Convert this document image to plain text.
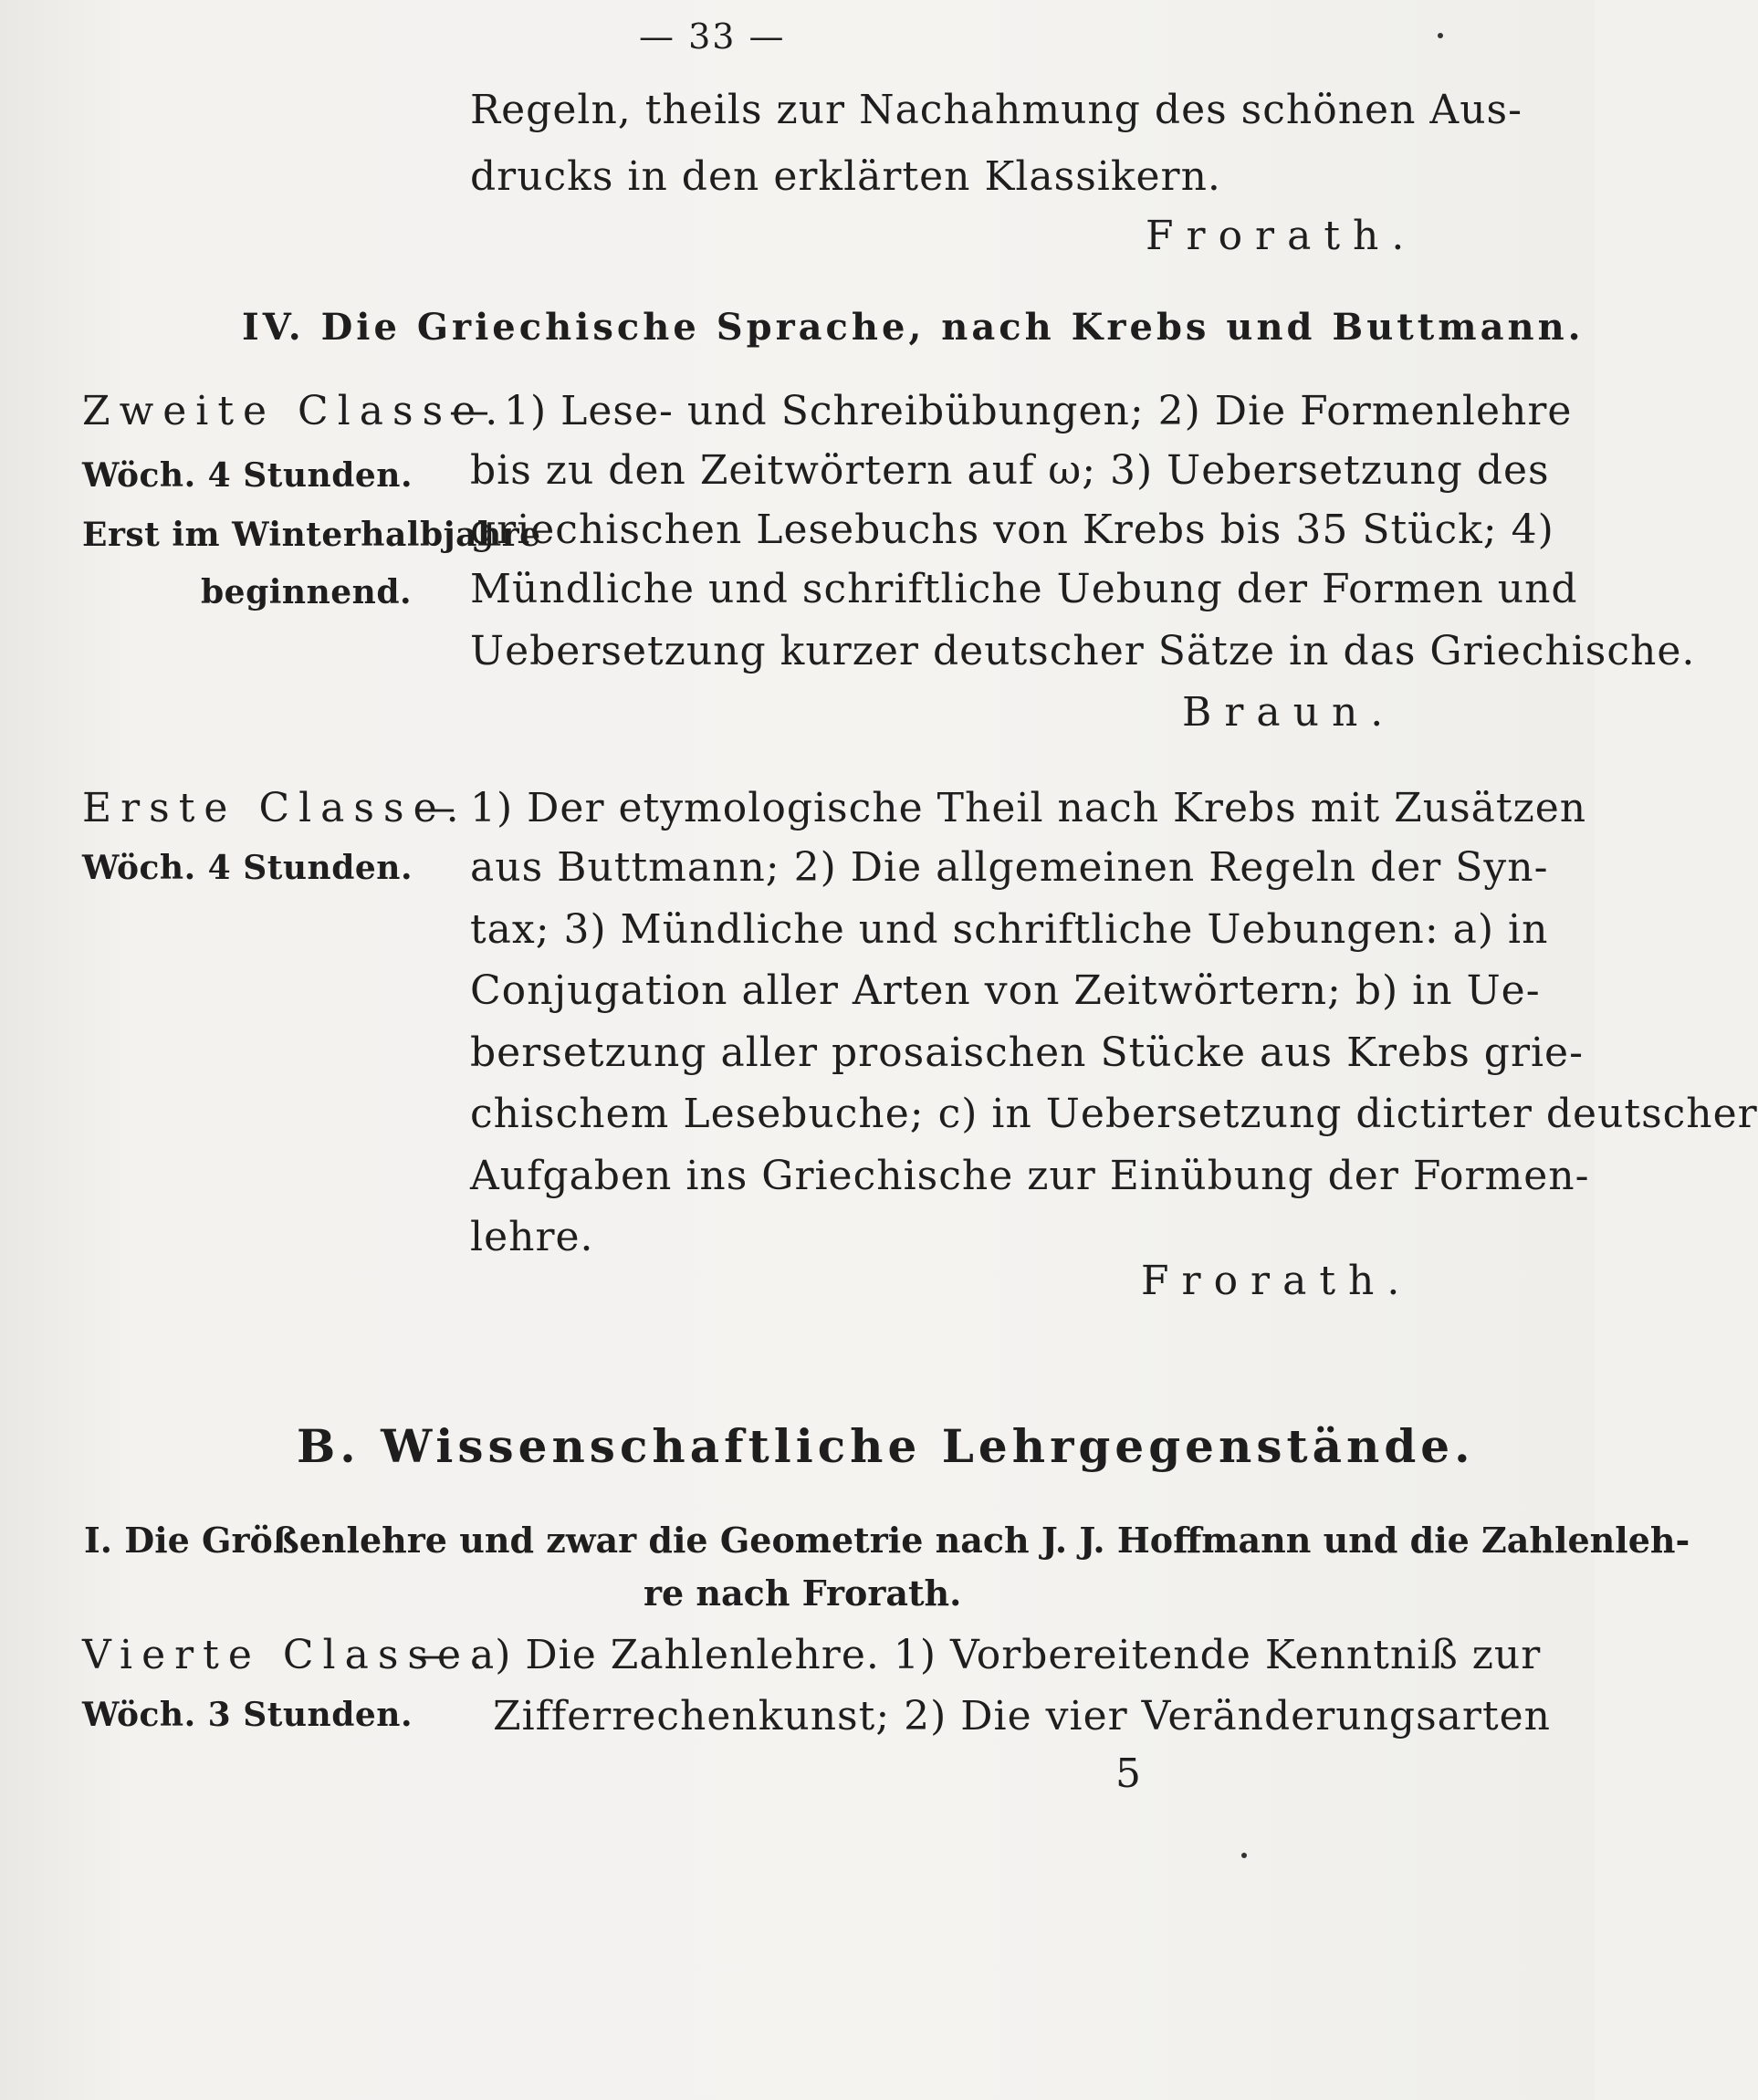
— 33 —
Regeln, theils zur Nachahmung des schönen Aus-
drucks in den erklärten Klassikern.
Frorath.
IV. Die Griechische Sprache, nach Krebs und Buttmann.
Zweite Classe.
Wöch. 4 Stunden.
Erst im Winterhalbjahre
beginnend.
— 1) Lese- und Schreibübungen; 2) Die Formenlehre
bis zu den Zeitwörtern auf ω; 3) Uebersetzung des
griechischen Lesebuchs von Krebs bis 35 Stück; 4)
Mündliche und schriftliche Uebung der Formen und
Uebersetzung kurzer deutscher Sätze in das Griechische.
Braun.
Erste Classe.
Wöch. 4 Stunden.
— 1) Der etymologische Theil nach Krebs mit Zusätzen
aus Buttmann; 2) Die allgemeinen Regeln der Syn-
tax; 3) Mündliche und schriftliche Uebungen: a) in
Conjugation aller Arten von Zeitwörtern; b) in Ue-
bersetzung aller prosaischen Stücke aus Krebs grie-
chischem Lesebuche; c) in Uebersetzung dictirter deutscher
Aufgaben ins Griechische zur Einübung der Formen-
lehre.
Frorath.
B. Wissenschaftliche Lehrgegenstände.
I. Die Größenlehre und zwar die Geometrie nach J. J. Hoffmann und die Zahlenleh-
re nach Frorath.
Vierte Classe.
Wöch. 3 Stunden.
— a) Die Zahlenlehre. 1) Vorbereitende Kenntniß zur
Zifferrechenkunst; 2) Die vier Veränderungsarten
5
